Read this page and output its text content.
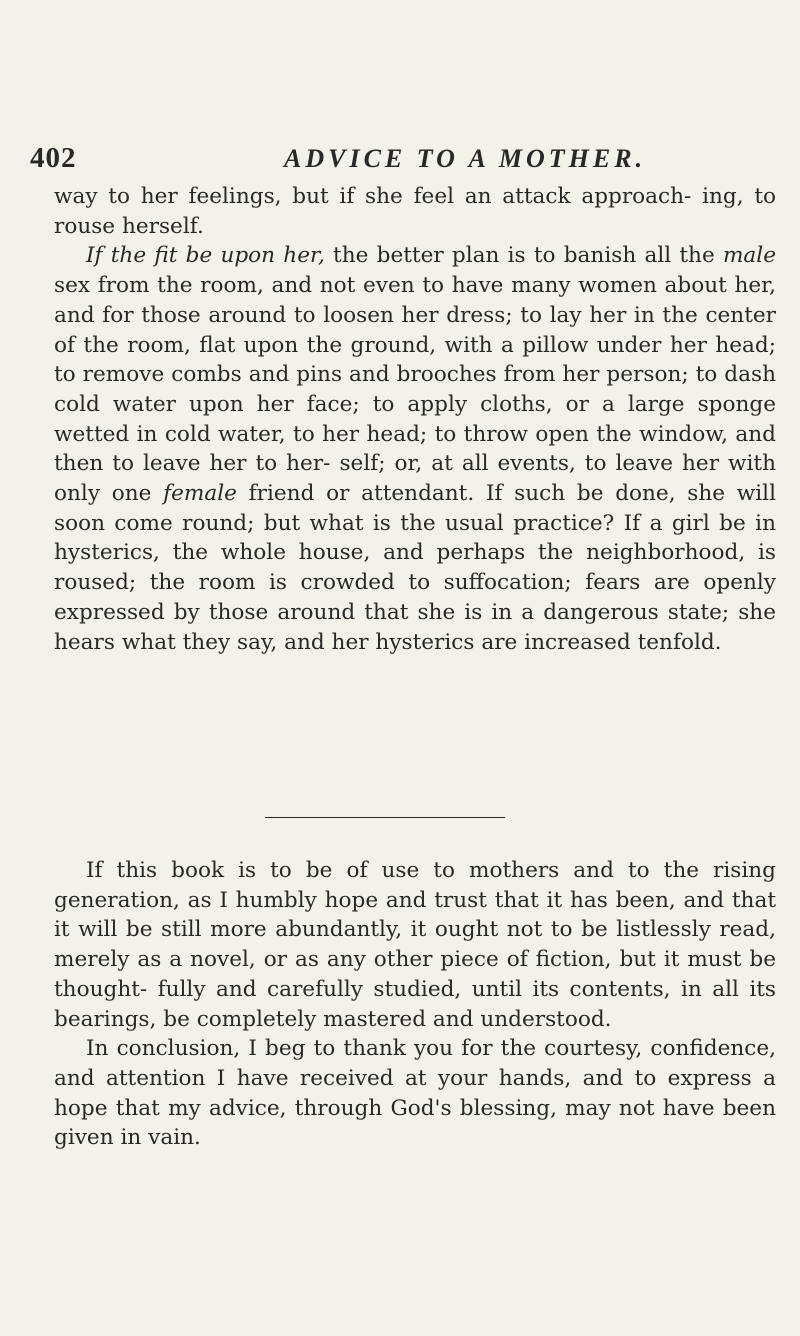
402	ADVICE TO A MOTHER.

way to her feelings, but if she feel an attack approach- ing, to rouse herself.

If the fit be upon her, the better plan is to banish all the male sex from the room, and not even to have many women about her, and for those around to loosen her dress; to lay her in the center of the room, flat upon the ground, with a pillow under her head; to remove combs and pins and brooches from her person; to dash cold water upon her face; to apply cloths, or a large sponge wetted in cold water, to her head; to throw open the window, and then to leave her to her- self; or, at all events, to leave her with only one female friend or attendant. If such be done, she will soon come round; but what is the usual practice? If a girl be in hysterics, the whole house, and perhaps the neighborhood, is roused; the room is crowded to suffocation; fears are openly expressed by those around that she is in a dangerous state; she hears what they say, and her hysterics are increased tenfold.

If this book is to be of use to mothers and to the rising generation, as I humbly hope and trust that it has been, and that it will be still more abundantly, it ought not to be listlessly read, merely as a novel, or as any other piece of fiction, but it must be thought- fully and carefully studied, until its contents, in all its bearings, be completely mastered and understood.

In conclusion, I beg to thank you for the courtesy, confidence, and attention I have received at your hands, and to express a hope that my advice, through God's blessing, may not have been given in vain.
